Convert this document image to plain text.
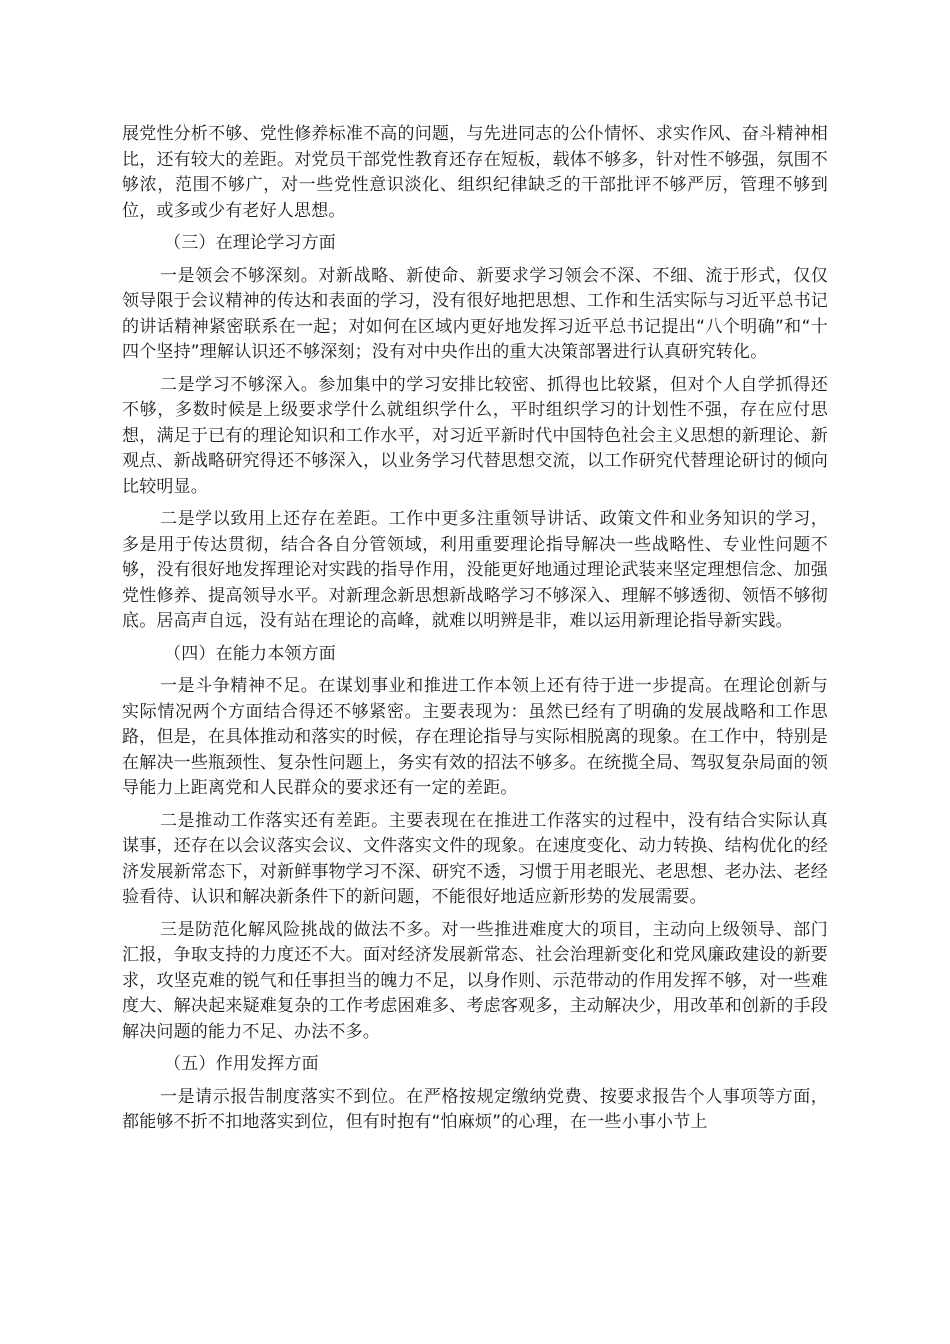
展党性分析不够、党性修养标准不高的问题，与先进同志的公仆情怀、求实作风、奋斗精神相比，还有较大的差距。对党员干部党性教育还存在短板，载体不够多，针对性不够强，氛围不够浓，范围不够广，对一些党性意识淡化、组织纪律缺乏的干部批评不够严厉，管理不够到位，或多或少有老好人思想。

（三）在理论学习方面

一是领会不够深刻。对新战略、新使命、新要求学习领会不深、不细、流于形式，仅仅领导限于会议精神的传达和表面的学习，没有很好地把思想、工作和生活实际与习近平总书记的讲话精神紧密联系在一起；对如何在区域内更好地发挥习近平总书记提出“八个明确”和“十四个坚持”理解认识还不够深刻；没有对中央作出的重大决策部署进行认真研究转化。

二是学习不够深入。参加集中的学习安排比较密、抓得也比较紧，但对个人自学抓得还不够，多数时候是上级要求学什么就组织学什么，平时组织学习的计划性不强，存在应付思想，满足于已有的理论知识和工作水平，对习近平新时代中国特色社会主义思想的新理论、新观点、新战略研究得还不够深入，以业务学习代替思想交流，以工作研究代替理论研讨的倾向比较明显。

二是学以致用上还存在差距。工作中更多注重领导讲话、政策文件和业务知识的学习，多是用于传达贯彻，结合各自分管领域，利用重要理论指导解决一些战略性、专业性问题不够，没有很好地发挥理论对实践的指导作用，没能更好地通过理论武装来坚定理想信念、加强党性修养、提高领导水平。对新理念新思想新战略学习不够深入、理解不够透彻、领悟不够彻底。居高声自远，没有站在理论的高峰，就难以明辨是非，难以运用新理论指导新实践。

（四）在能力本领方面

一是斗争精神不足。在谋划事业和推进工作本领上还有待于进一步提高。在理论创新与实际情况两个方面结合得还不够紧密。主要表现为：虽然已经有了明确的发展战略和工作思路，但是，在具体推动和落实的时候，存在理论指导与实际相脱离的现象。在工作中，特别是在解决一些瓶颈性、复杂性问题上，务实有效的招法不够多。在统揽全局、驾驭复杂局面的领导能力上距离党和人民群众的要求还有一定的差距。

二是推动工作落实还有差距。主要表现在在推进工作落实的过程中，没有结合实际认真谋事，还存在以会议落实会议、文件落实文件的现象。在速度变化、动力转换、结构优化的经济发展新常态下，对新鲜事物学习不深、研究不透，习惯于用老眼光、老思想、老办法、老经验看待、认识和解决新条件下的新问题，不能很好地适应新形势的发展需要。

三是防范化解风险挑战的做法不多。对一些推进难度大的项目，主动向上级领导、部门汇报，争取支持的力度还不大。面对经济发展新常态、社会治理新变化和党风廉政建设的新要求，攻坚克难的锐气和任事担当的魄力不足，以身作则、示范带动的作用发挥不够，对一些难度大、解决起来疑难复杂的工作考虑困难多、考虑客观多，主动解决少，用改革和创新的手段解决问题的能力不足、办法不多。

（五）作用发挥方面

一是请示报告制度落实不到位。在严格按规定缴纳党费、按要求报告个人事项等方面，都能够不折不扣地落实到位，但有时抱有“怕麻烦”的心理，在一些小事小节上
